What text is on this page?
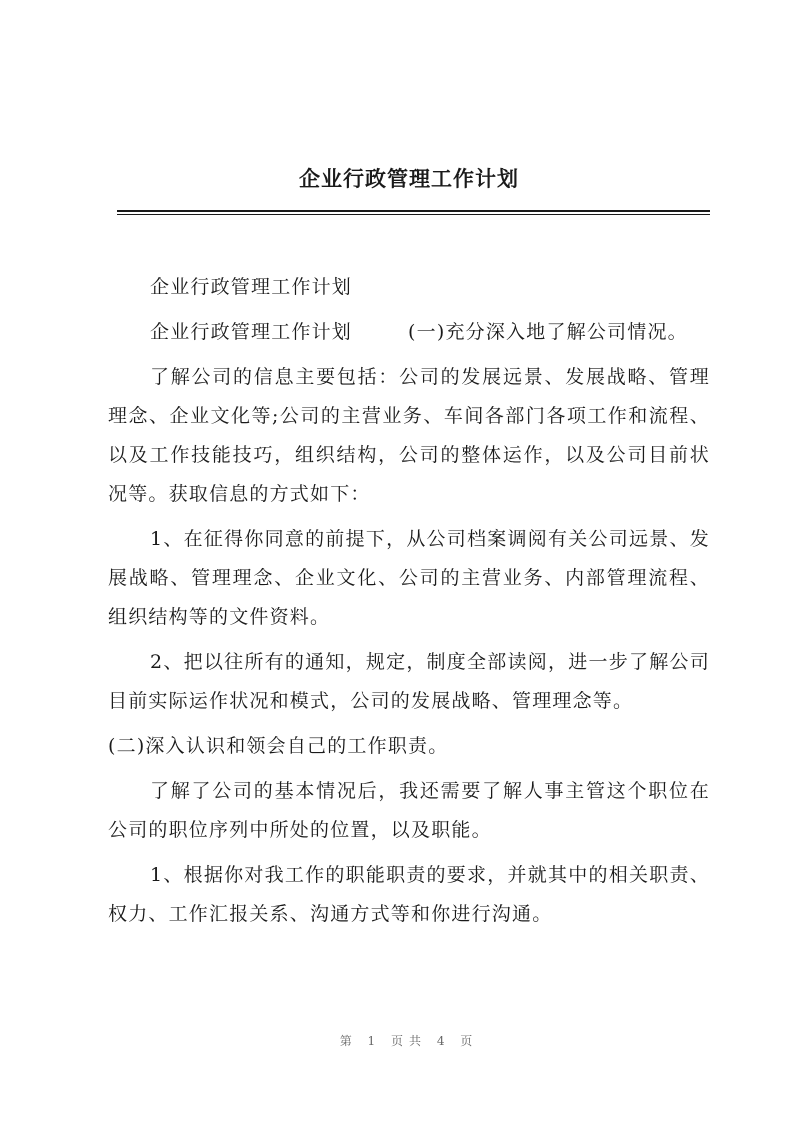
企业行政管理工作计划

企业行政管理工作计划

企业行政管理工作计划	(一)充分深入地了解公司情况。

了解公司的信息主要包括：公司的发展远景、发展战略、管理理念、企业文化等;公司的主营业务、车间各部门各项工作和流程、以及工作技能技巧，组织结构，公司的整体运作，以及公司目前状况等。获取信息的方式如下：

1、在征得你同意的前提下，从公司档案调阅有关公司远景、发展战略、管理理念、企业文化、公司的主营业务、内部管理流程、组织结构等的文件资料。

2、把以往所有的通知，规定，制度全部读阅，进一步了解公司目前实际运作状况和模式，公司的发展战略、管理理念等。

(二)深入认识和领会自己的工作职责。

了解了公司的基本情况后，我还需要了解人事主管这个职位在公司的职位序列中所处的位置，以及职能。

1、根据你对我工作的职能职责的要求，并就其中的相关职责、权力、工作汇报关系、沟通方式等和你进行沟通。

第 1 页共 4 页
